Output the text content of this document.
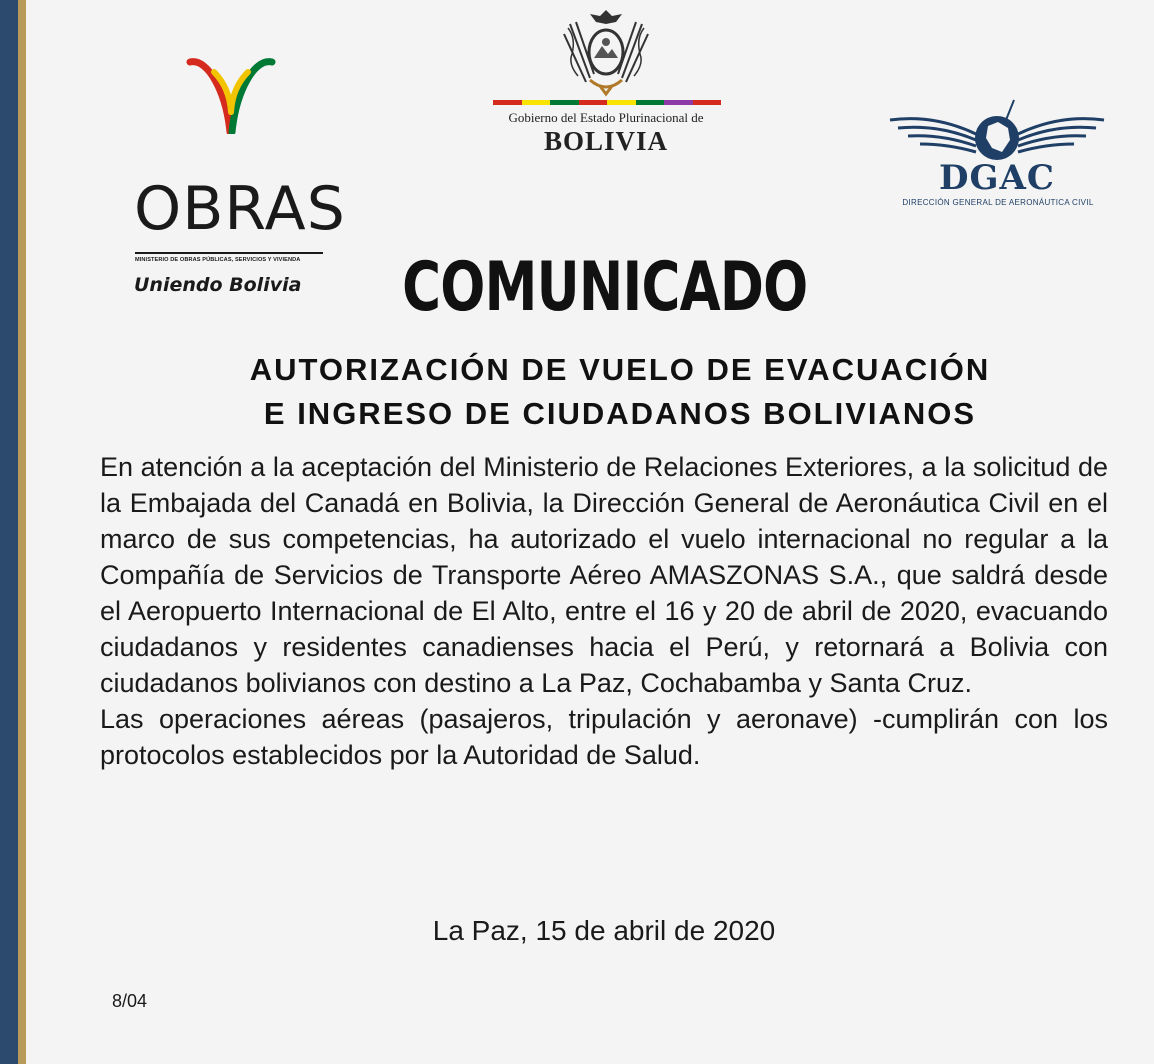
OBRAS
MINISTERIO DE OBRAS PÚBLICAS, SERVICIOS Y VIVIENDA
Uniendo Bolivia
Gobierno del Estado Plurinacional de
BOLIVIA
DGAC
DIRECCIÓN GENERAL DE AERONÁUTICA CIVIL
COMUNICADO
AUTORIZACIÓN DE VUELO DE EVACUACIÓN
E INGRESO DE CIUDADANOS BOLIVIANOS

En atención a la aceptación del Ministerio de Relaciones Exteriores, a la solicitud de la Embajada del Canadá en Bolivia, la Dirección General de Aeronáutica Civil en el marco de sus competencias, ha autorizado el vuelo internacional no regular a la Compañía de Servicios de Transporte Aéreo AMASZONAS S.A., que saldrá desde el Aeropuerto Internacional de El Alto, entre el 16 y 20 de abril de 2020, evacuando ciudadanos y residentes canadienses hacia el Perú, y retornará a Bolivia con ciudadanos bolivianos con destino a La Paz, Cochabamba y Santa Cruz.

Las operaciones aéreas (pasajeros, tripulación y aeronave) -cumplirán con los protocolos establecidos por la Autoridad de Salud.

La Paz, 15 de abril de 2020
8/04
